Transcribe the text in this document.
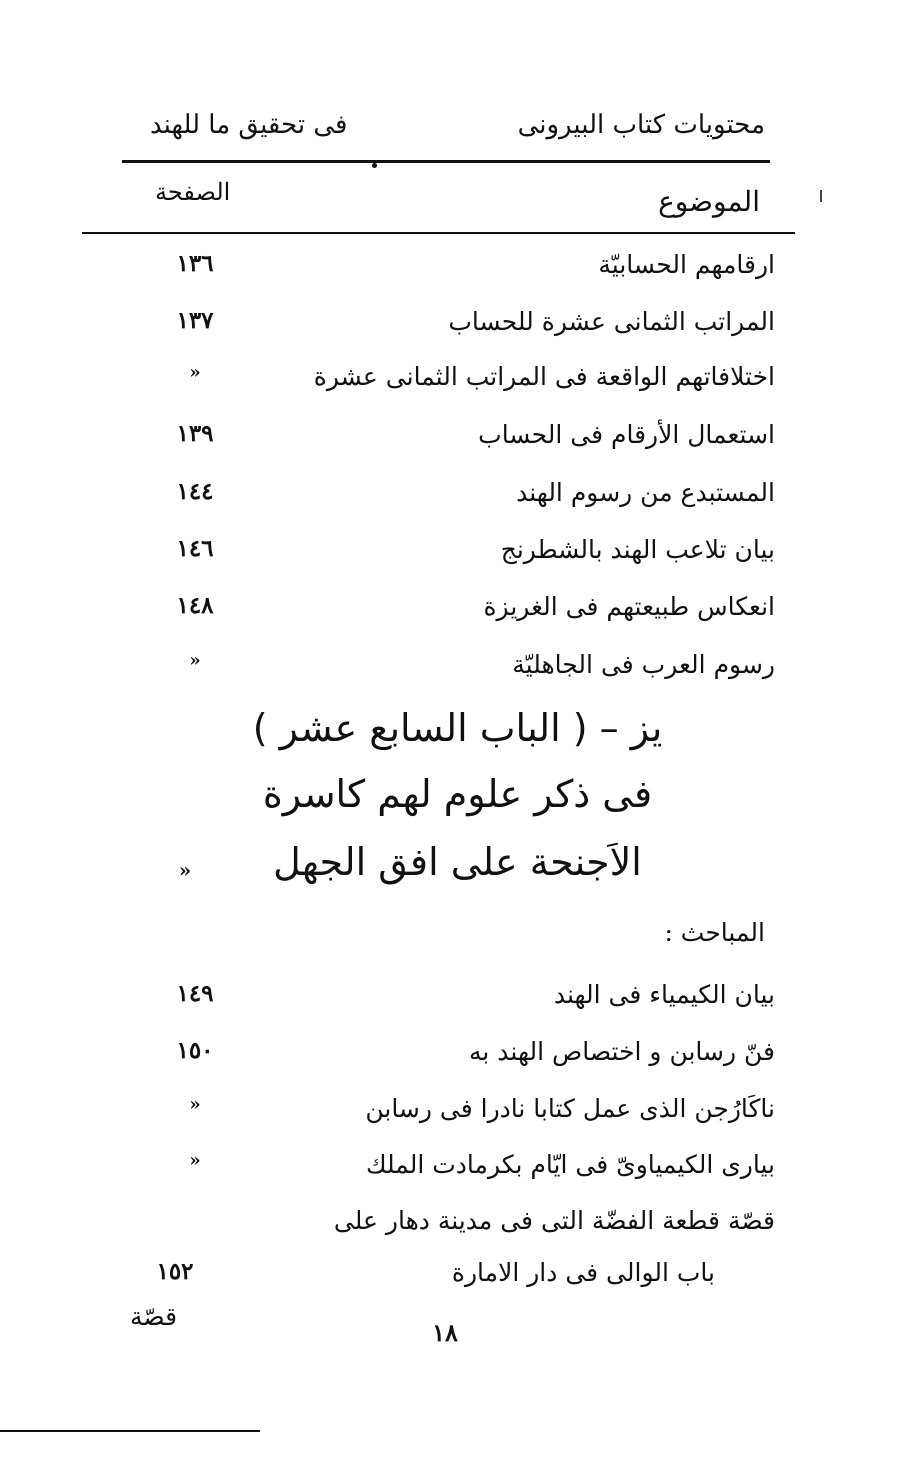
محتويات كتاب البيرونى
فى تحقيق ما للهند
الموضوع
الصفحة
ارقامهم الحسابيّة
١٣٦
المراتب الثمانى عشرة للحساب
١٣٧
اختلافاتهم الواقعة فى المراتب الثمانى عشرة
»
استعمال الأرقام فى الحساب
١٣٩
المستبدع من رسوم الهند
١٤٤
بيان تلاعب الهند بالشطرنج
١٤٦
انعكاس طبيعتهم فى الغريزة
١٤٨
رسوم العرب فى الجاهليّة
»
يز – ( الباب السابع عشر )
فى ذكر علوم لهم كاسرة
الاَجنحة على افق الجهل
»
المباحث :
بيان الكيمياء فى الهند
١٤٩
فنّ رسابن و اختصاص الهند به
١٥٠
ناكَارُجن الذى عمل كتابا نادرا فى رسابن
»
بيارى الكيمياوىّ فى ايّام بكرمادت الملك
»
قصّة قطعة الفضّة التى فى مدينة دهار على
باب الوالى فى دار الامارة
١٥٢
١٨
قصّة
